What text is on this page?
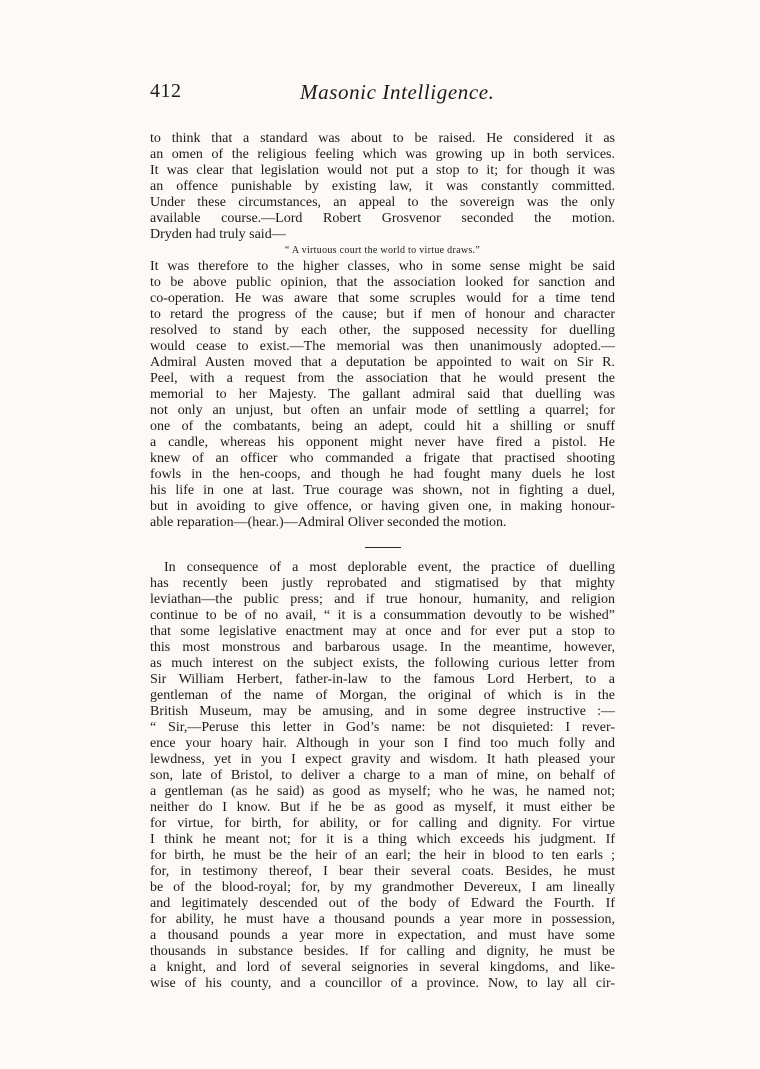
412	Masonic Intelligence.

to think that a standard was about to be raised. He considered it as

an omen of the religious feeling which was growing up in both services.

It was clear that legislation would not put a stop to it; for though it was

an offence punishable by existing law, it was constantly committed.

Under these circumstances, an appeal to the sovereign was the only

available course.—Lord Robert Grosvenor seconded the motion.

Dryden had truly said—

“ A virtuous court the world to virtue draws.”

It was therefore to the higher classes, who in some sense might be said

to be above public opinion, that the association looked for sanction and

co-operation. He was aware that some scruples would for a time tend

to retard the progress of the cause; but if men of honour and character

resolved to stand by each other, the supposed necessity for duelling

would cease to exist.—The memorial was then unanimously adopted.—

Admiral Austen moved that a deputation be appointed to wait on Sir R.

Peel, with a request from the association that he would present the

memorial to her Majesty. The gallant admiral said that duelling was

not only an unjust, but often an unfair mode of settling a quarrel; for

one of the combatants, being an adept, could hit a shilling or snuff

a candle, whereas his opponent might never have fired a pistol. He

knew of an officer who commanded a frigate that practised shooting

fowls in the hen-coops, and though he had fought many duels he lost

his life in one at last. True courage was shown, not in fighting a duel,

but in avoiding to give offence, or having given one, in making honour-

able reparation—(hear.)—Admiral Oliver seconded the motion.

In consequence of a most deplorable event, the practice of duelling

has recently been justly reprobated and stigmatised by that mighty

leviathan—the public press; and if true honour, humanity, and religion

continue to be of no avail, “ it is a consummation devoutly to be wished”

that some legislative enactment may at once and for ever put a stop to

this most monstrous and barbarous usage. In the meantime, however,

as much interest on the subject exists, the following curious letter from

Sir William Herbert, father-in-law to the famous Lord Herbert, to a

gentleman of the name of Morgan, the original of which is in the

British Museum, may be amusing, and in some degree instructive :—

“ Sir,—Peruse this letter in God’s name: be not disquieted: I rever-

ence your hoary hair. Although in your son I find too much folly and

lewdness, yet in you I expect gravity and wisdom. It hath pleased your

son, late of Bristol, to deliver a charge to a man of mine, on behalf of

a gentleman (as he said) as good as myself; who he was, he named not;

neither do I know. But if he be as good as myself, it must either be

for virtue, for birth, for ability, or for calling and dignity. For virtue

I think he meant not; for it is a thing which exceeds his judgment. If

for birth, he must be the heir of an earl; the heir in blood to ten earls ;

for, in testimony thereof, I bear their several coats. Besides, he must

be of the blood-royal; for, by my grandmother Devereux, I am lineally

and legitimately descended out of the body of Edward the Fourth. If

for ability, he must have a thousand pounds a year more in possession,

a thousand pounds a year more in expectation, and must have some

thousands in substance besides. If for calling and dignity, he must be

a knight, and lord of several seignories in several kingdoms, and like-

wise of his county, and a councillor of a province. Now, to lay all cir-
